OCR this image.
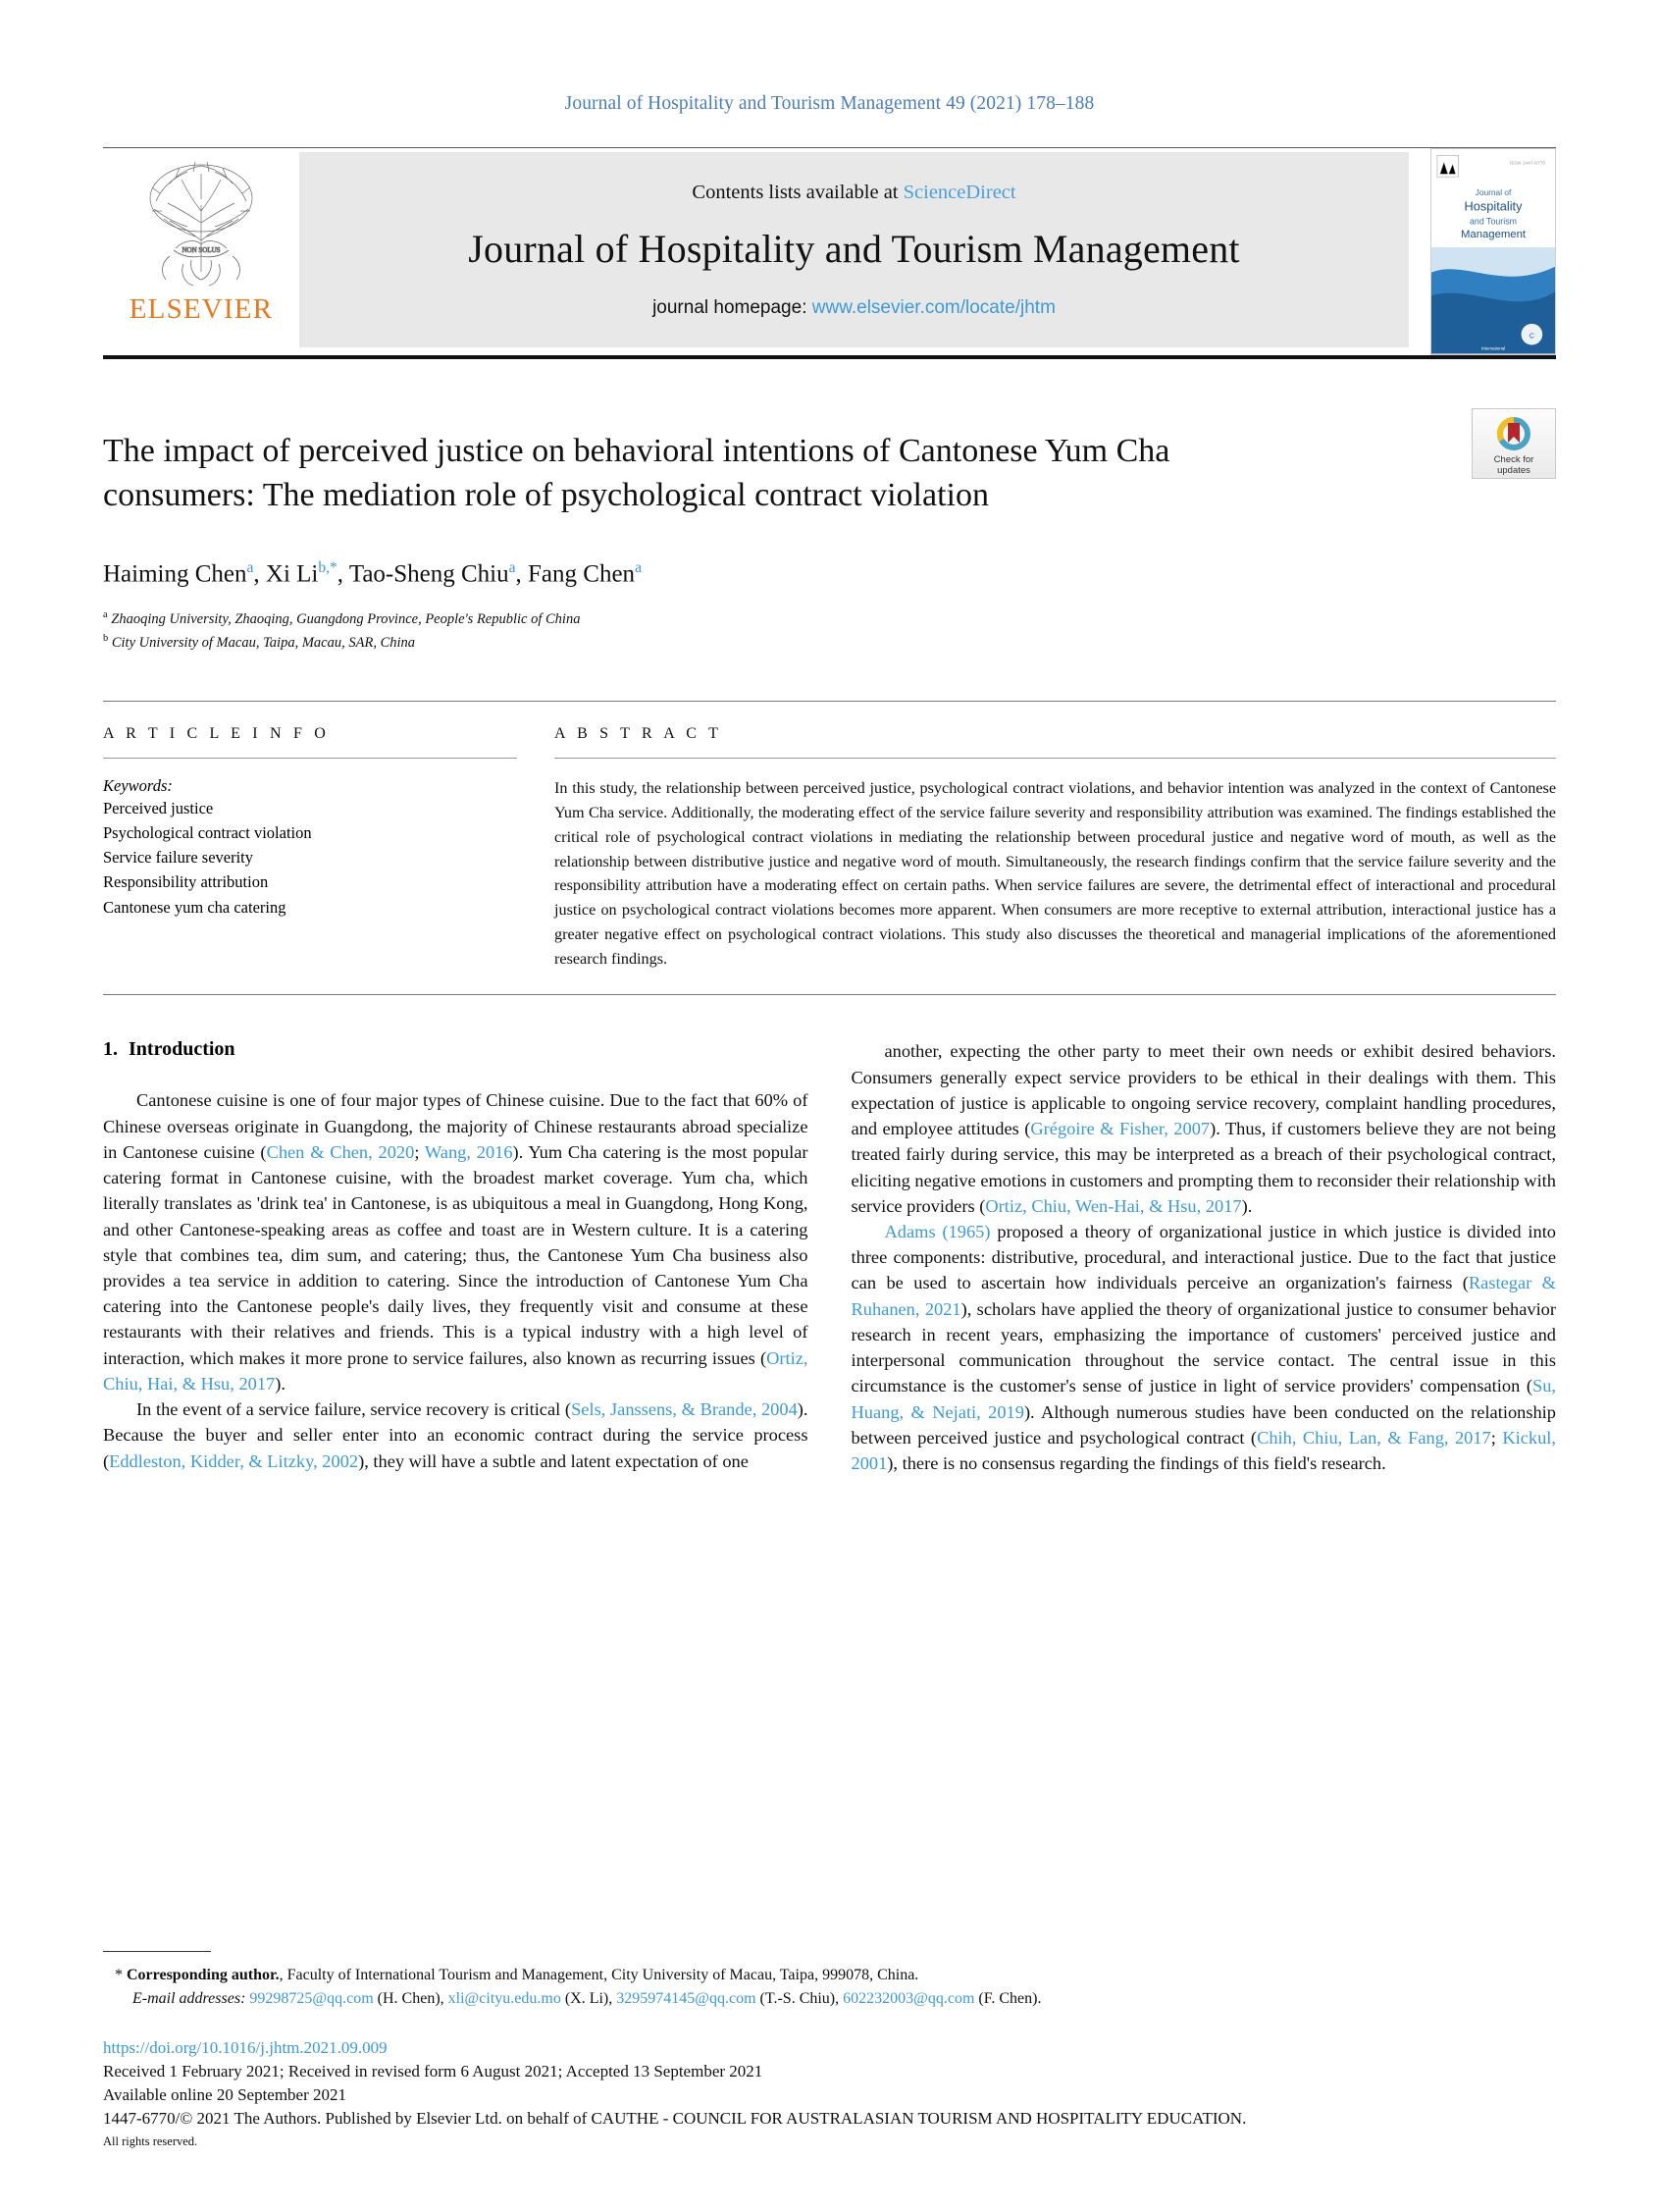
Journal of Hospitality and Tourism Management 49 (2021) 178–188
NON SOLUS
ELSEVIER
Contents lists available at ScienceDirect
Journal of Hospitality and Tourism Management
journal homepage: www.elsevier.com/locate/jhtm
ISSN 1447-6770
Journal of
Hospitality
and Tourism
Management
C
International
Check for
updates
The impact of perceived justice on behavioral intentions of Cantonese Yum Cha consumers: The mediation role of psychological contract violation
Haiming Chen$^a$, Xi $Li^{b,*}$, Tao-Sheng Chiu$^a$, Fang Chen$^a$
$^a$ Zhaoqing University, Zhaoqing, Guangdong Province, People's Republic of China
$^b$ City University of Macau, Taipa, Macau, SAR, China
A R T I C L E I N F O
Keywords:
Perceived justice
Psychological contract violation
Service failure severity
Responsibility attribution
Cantonese yum cha catering
A B S T R A C T
In this study, the relationship between perceived justice, psychological contract violations, and behavior intention was analyzed in the context of Cantonese Yum Cha service. Additionally, the moderating effect of the service failure severity and responsibility attribution was examined. The findings established the critical role of psychological contract violations in mediating the relationship between procedural justice and negative word of mouth, as well as the relationship between distributive justice and negative word of mouth. Simultaneously, the research findings confirm that the service failure severity and the responsibility attribution have a moderating effect on certain paths. When service failures are severe, the detrimental effect of interactional and procedural justice on psychological contract violations becomes more apparent. When consumers are more receptive to external attribution, interactional justice has a greater negative effect on psychological contract violations. This study also discusses the theoretical and managerial implications of the aforementioned research findings.
1. Introduction

Cantonese cuisine is one of four major types of Chinese cuisine. Due to the fact that 60% of Chinese overseas originate in Guangdong, the majority of Chinese restaurants abroad specialize in Cantonese cuisine (Chen & Chen, 2020; Wang, 2016). Yum Cha catering is the most popular catering format in Cantonese cuisine, with the broadest market coverage. Yum cha, which literally translates as 'drink tea' in Cantonese, is as ubiquitous a meal in Guangdong, Hong Kong, and other Cantonese-speaking areas as coffee and toast are in Western culture. It is a catering style that combines tea, dim sum, and catering; thus, the Cantonese Yum Cha business also provides a tea service in addition to catering. Since the introduction of Cantonese Yum Cha catering into the Cantonese people's daily lives, they frequently visit and consume at these restaurants with their relatives and friends. This is a typical industry with a high level of interaction, which makes it more prone to service failures, also known as recurring issues (Ortiz, Chiu, Hai, & Hsu, 2017).

In the event of a service failure, service recovery is critical (Sels, Janssens, & Brande, 2004). Because the buyer and seller enter into an economic contract during the service process (Eddleston, Kidder, & Litzky, 2002), they will have a subtle and latent expectation of one

another, expecting the other party to meet their own needs or exhibit desired behaviors. Consumers generally expect service providers to be ethical in their dealings with them. This expectation of justice is applicable to ongoing service recovery, complaint handling procedures, and employee attitudes (Grégoire & Fisher, 2007). Thus, if customers believe they are not being treated fairly during service, this may be interpreted as a breach of their psychological contract, eliciting negative emotions in customers and prompting them to reconsider their relationship with service providers (Ortiz, Chiu, Wen-Hai, & Hsu, 2017).

Adams (1965) proposed a theory of organizational justice in which justice is divided into three components: distributive, procedural, and interactional justice. Due to the fact that justice can be used to ascertain how individuals perceive an organization's fairness (Rastegar & Ruhanen, 2021), scholars have applied the theory of organizational justice to consumer behavior research in recent years, emphasizing the importance of customers' perceived justice and interpersonal communication throughout the service contact. The central issue in this circumstance is the customer's sense of justice in light of service providers' compensation (Su, Huang, & Nejati, 2019). Although numerous studies have been conducted on the relationship between perceived justice and psychological contract (Chih, Chiu, Lan, & Fang, 2017; Kickul, 2001), there is no consensus regarding the findings of this field's research.

* Corresponding author., Faculty of International Tourism and Management, City University of Macau, Taipa, 999078, China.
E-mail addresses: 99298725@qq.com (H. Chen), xli@cityu.edu.mo (X. Li), 3295974145@qq.com (T.-S. Chiu), 602232003@qq.com (F. Chen).
https://doi.org/10.1016/j.jhtm.2021.09.009
Received 1 February 2021; Received in revised form 6 August 2021; Accepted 13 September 2021
Available online 20 September 2021
1447-6770/© 2021 The Authors. Published by Elsevier Ltd. on behalf of CAUTHE - COUNCIL FOR AUSTRALASIAN TOURISM AND HOSPITALITY EDUCATION.
All rights reserved.
